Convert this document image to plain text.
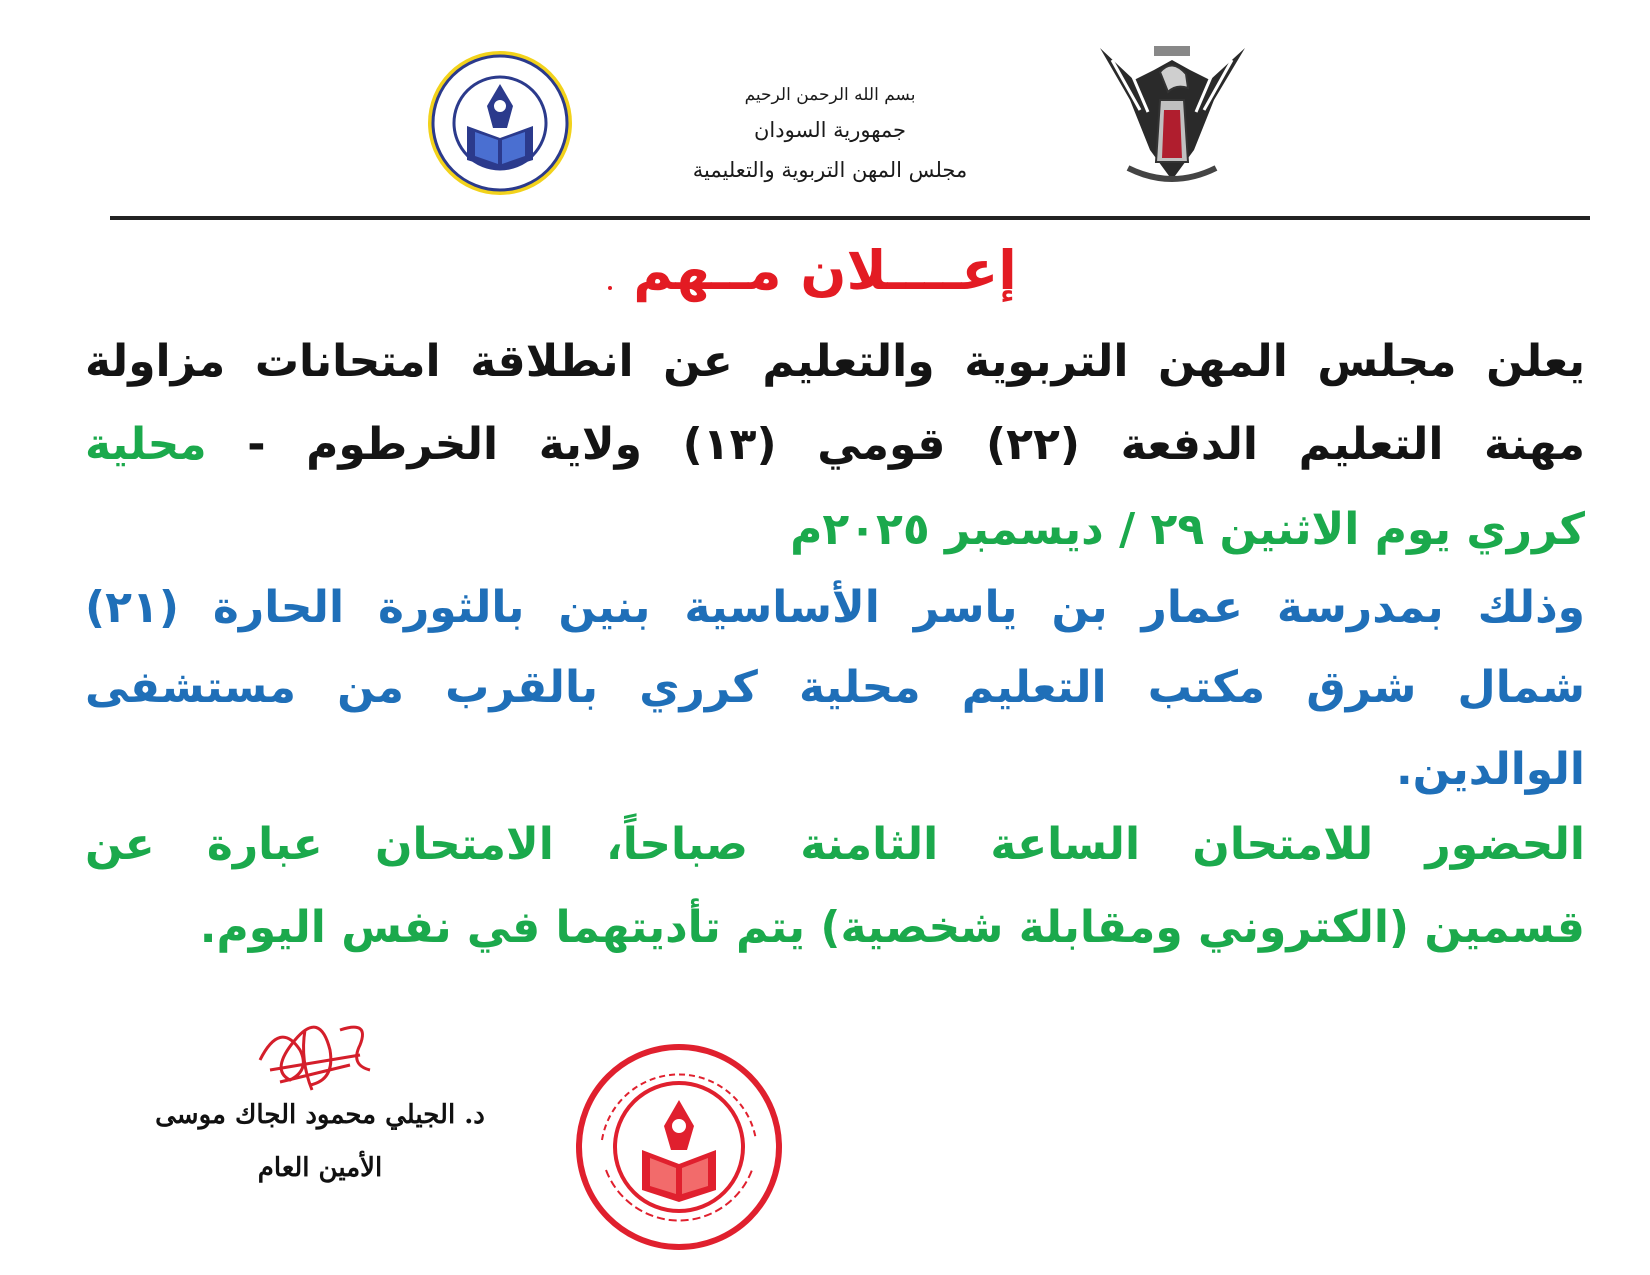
بسم الله الرحمن الرحيم
جمهورية السودان
مجلس المهن التربوية والتعليمية
إعــــلان مــهم
يعلن مجلس المهن التربوية والتعليم عن انطلاقة امتحانات مزاولة
مهنة التعليم الدفعة (٢٢) قومي (١٣) ولاية الخرطوم - محلية
كرري يوم الاثنين ٢٩ / ديسمبر ٢٠٢٥م
وذلك بمدرسة عمار بن ياسر الأساسية بنين بالثورة الحارة (٢١)
شمال شرق مكتب التعليم محلية كرري بالقرب من مستشفى
الوالدين.
الحضور للامتحان الساعة الثامنة صباحاً، الامتحان عبارة عن
قسمين (الكتروني ومقابلة شخصية) يتم تأديتهما في نفس اليوم.
د. الجيلي محمود الجاك موسى
الأمين العام
